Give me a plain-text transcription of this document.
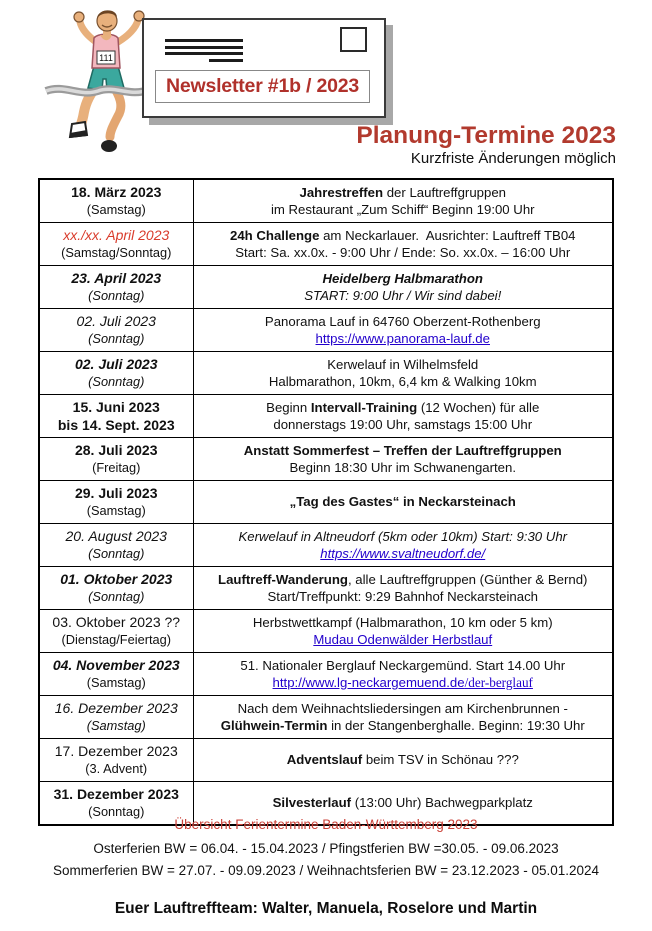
111
Newsletter #1b / 2023
Planung-Termine 2023
Kurzfriste Änderungen möglich
18. März 2023
(Samstag)

Jahrestreffen der Lauftreffgruppen
im Restaurant „Zum Schiff“ Beginn 19:00 Uhr

xx./xx. April 2023
(Samstag/Sonntag)

24h Challenge am Neckarlauer.  Ausrichter: Lauftreff TB04
Start: Sa. xx.0x. - 9:00 Uhr / Ende: So. xx.0x. – 16:00 Uhr

23. April 2023
(Sonntag)

Heidelberg Halbmarathon
START: 9:00 Uhr / Wir sind dabei!

02. Juli 2023
(Sonntag)

Panorama Lauf in 64760 Oberzent-Rothenberg
https://www.panorama-lauf.de

02. Juli 2023
(Sonntag)

Kerwelauf in Wilhelmsfeld
Halbmarathon, 10km, 6,4 km & Walking 10km

15. Juni 2023
bis 14. Sept. 2023

Beginn Intervall-Training (12 Wochen) für alle
donnerstags 19:00 Uhr, samstags 15:00 Uhr

28. Juli 2023
(Freitag)

Anstatt Sommerfest – Treffen der Lauftreffgruppen
Beginn 18:30 Uhr im Schwanengarten.

29. Juli 2023
(Samstag)	„Tag des Gastes“ in Neckarsteinach

20. August 2023
(Sonntag)

Kerwelauf in Altneudorf (5km oder 10km) Start: 9:30 Uhr
https://www.svaltneudorf.de/

01. Oktober 2023
(Sonntag)

Lauftreff-Wanderung, alle Lauftreffgruppen (Günther & Bernd)
Start/Treffpunkt: 9:29 Bahnhof Neckarsteinach

03. Oktober 2023 ??
(Dienstag/Feiertag)

Herbstwettkampf (Halbmarathon, 10 km oder 5 km)
Mudau Odenwälder Herbstlauf

04. November 2023
(Samstag)

51. Nationaler Berglauf Neckargemünd. Start 14.00 Uhr
http://www.lg-neckargemuend.de/der-berglauf

16. Dezember 2023
(Samstag)

Nach dem Weihnachtsliedersingen am Kirchenbrunnen -
Glühwein-Termin in der Stangenberghalle. Beginn: 19:30 Uhr

17. Dezember 2023
(3. Advent)	Adventslauf beim TSV in Schönau ???

31. Dezember 2023
(Sonntag)	Silvesterlauf (13:00 Uhr) Bachwegparkplatz
Übersicht Ferientermine Baden-Württemberg 2023
Osterferien BW = 06.04. - 15.04.2023 / Pfingstferien BW =30.05. - 09.06.2023
Sommerferien BW = 27.07. - 09.09.2023 / Weihnachtsferien BW = 23.12.2023 - 05.01.2024
Euer Lauftreffteam: Walter, Manuela, Roselore und Martin
